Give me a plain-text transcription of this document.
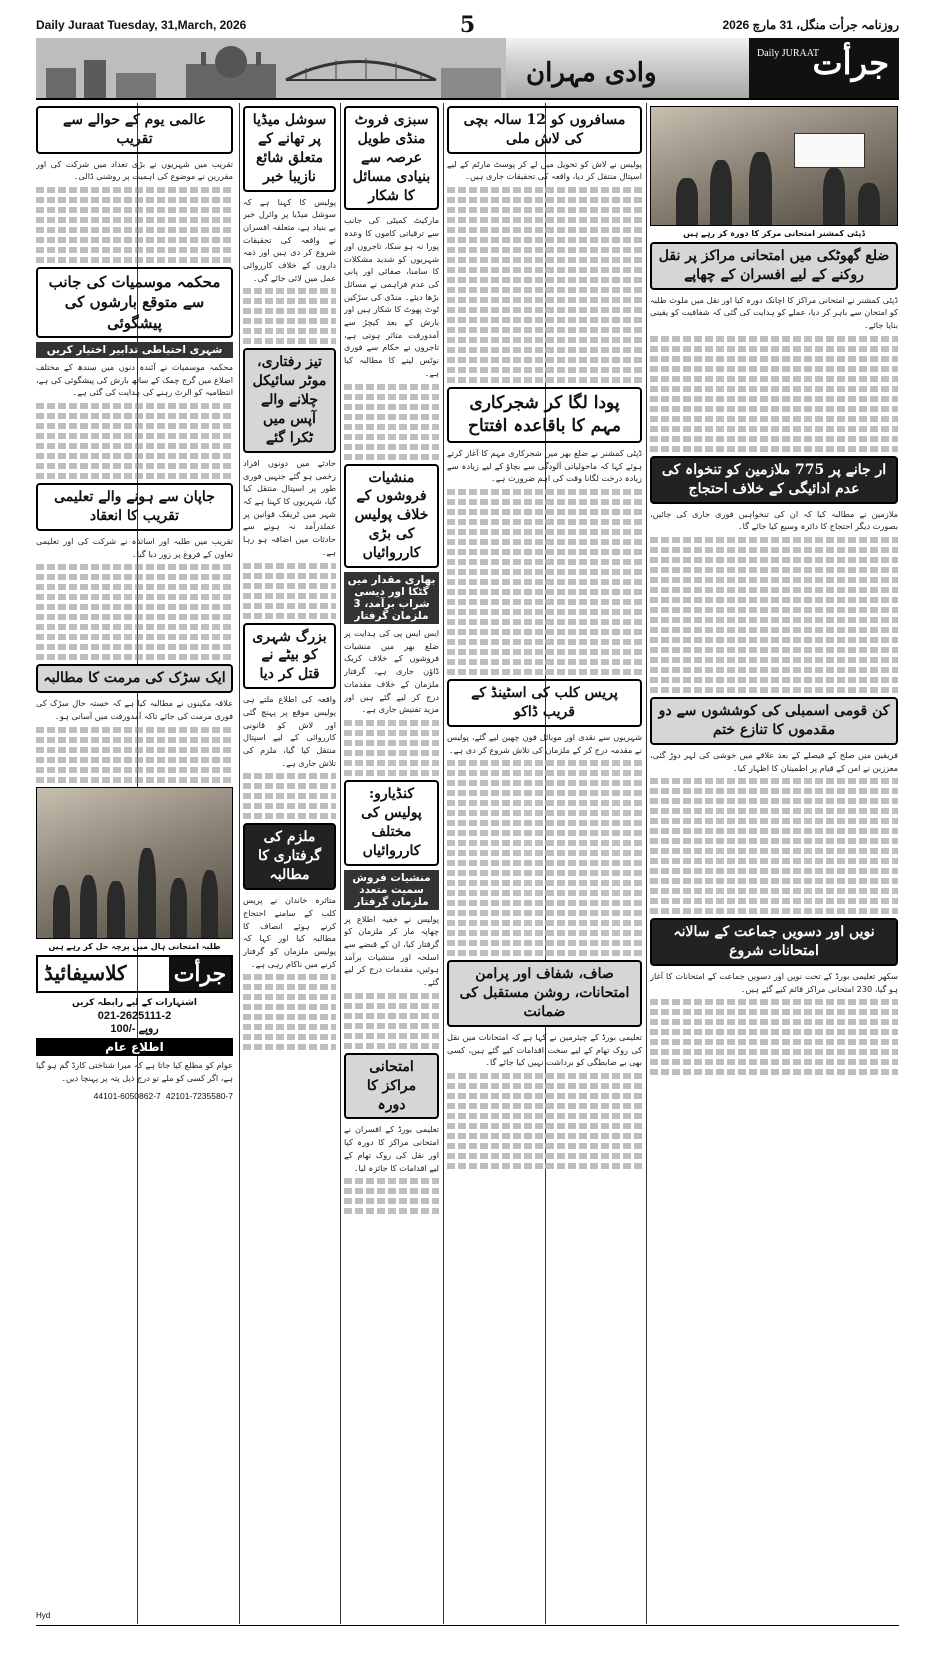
Daily Juraat Tuesday, 31,March, 2026	5	روزنامہ جرأت منگل، 31 مارچ 2026
وادی مہران
Daily JURAAT
جرأت
ڈپٹی کمشنر امتحانی مرکز کا دورہ کر رہے ہیں
ضلع گھوٹکی میں امتحانی مراکز پر نقل روکنے کے لیے افسران کے چھاپے
ڈپٹی کمشنر نے امتحانی مراکز کا اچانک دورہ کیا اور نقل میں ملوث طلبہ کو امتحان سے باہر کر دیا، عملے کو ہدایت کی گئی کہ شفافیت کو یقینی بنایا جائے۔
ار جانے پر 775 ملازمین کو تنخواہ کی عدم ادائیگی کے خلاف احتجاج
ملازمین نے مطالبہ کیا کہ ان کی تنخواہیں فوری جاری کی جائیں، بصورت دیگر احتجاج کا دائرہ وسیع کیا جائے گا۔
کن قومی اسمبلی کی کوششوں سے دو مقدموں کا تنازع ختم
فریقین میں صلح کے فیصلے کے بعد علاقے میں خوشی کی لہر دوڑ گئی، معززین نے امن کے قیام پر اطمینان کا اظہار کیا۔
نویں اور دسویں جماعت کے سالانہ امتحانات شروع
سکھر تعلیمی بورڈ کے تحت نویں اور دسویں جماعت کے امتحانات کا آغاز ہو گیا، 230 امتحانی مراکز قائم کیے گئے ہیں۔
مسافروں کو 12 سالہ بچی کی لاش ملی
پولیس نے لاش کو تحویل میں لے کر پوسٹ مارٹم کے لیے اسپتال منتقل کر دیا، واقعہ کی تحقیقات جاری ہیں۔
پودا لگا کر شجرکاری مہم کا باقاعدہ افتتاح
ڈپٹی کمشنر نے ضلع بھر میں شجرکاری مہم کا آغاز کرتے ہوئے کہا کہ ماحولیاتی آلودگی سے بچاؤ کے لیے زیادہ سے زیادہ درخت لگانا وقت کی اہم ضرورت ہے۔
پریس کلب کی اسٹینڈ کے قریب ڈاکو
شہریوں سے نقدی اور موبائل فون چھین لیے گئے، پولیس نے مقدمہ درج کر کے ملزمان کی تلاش شروع کر دی ہے۔
صاف، شفاف اور پرامن امتحانات، روشن مستقبل کی ضمانت
تعلیمی بورڈ کے چیئرمین نے کہا ہے کہ امتحانات میں نقل کی روک تھام کے لیے سخت اقدامات کیے گئے ہیں، کسی بھی بے ضابطگی کو برداشت نہیں کیا جائے گا۔
سبزی فروٹ منڈی طویل عرصہ سے بنیادی مسائل کا شکار
مارکیٹ کمیٹی کی جانب سے ترقیاتی کاموں کا وعدہ پورا نہ ہو سکا، تاجروں اور شہریوں کو شدید مشکلات کا سامنا، صفائی اور پانی کی عدم فراہمی نے مسائل بڑھا دیئے۔ منڈی کی سڑکیں ٹوٹ پھوٹ کا شکار ہیں اور بارش کے بعد کیچڑ سے آمدورفت متاثر ہوتی ہے، تاجروں نے حکام سے فوری نوٹس لینے کا مطالبہ کیا ہے۔
منشیات فروشوں کے خلاف پولیس کی بڑی کارروائیاں
بھاری مقدار میں گٹکا اور دیسی شراب برآمد، 3 ملزمان گرفتار
ایس ایس پی کی ہدایت پر ضلع بھر میں منشیات فروشوں کے خلاف کریک ڈاؤن جاری ہے، گرفتار ملزمان کے خلاف مقدمات درج کر لیے گئے ہیں اور مزید تفتیش جاری ہے۔
کنڈیارو: پولیس کی مختلف کارروائیاں
منشیات فروش سمیت متعدد ملزمان گرفتار
پولیس نے خفیہ اطلاع پر چھاپہ مار کر ملزمان کو گرفتار کیا، ان کے قبضے سے اسلحہ اور منشیات برآمد ہوئیں، مقدمات درج کر لیے گئے۔
امتحانی مراکز کا دورہ
تعلیمی بورڈ کے افسران نے امتحانی مراکز کا دورہ کیا اور نقل کی روک تھام کے لیے اقدامات کا جائزہ لیا۔
سوشل میڈیا پر تھانے کے متعلق شائع نازیبا خبر
پولیس کا کہنا ہے کہ سوشل میڈیا پر وائرل خبر بے بنیاد ہے، متعلقہ افسران نے واقعہ کی تحقیقات شروع کر دی ہیں اور ذمہ داروں کے خلاف کارروائی عمل میں لائی جائے گی۔
تیز رفتاری، موٹر سائیکل چلانے والے آپس میں ٹکرا گئے
حادثے میں دونوں افراد زخمی ہو گئے جنہیں فوری طور پر اسپتال منتقل کیا گیا، شہریوں کا کہنا ہے کہ شہر میں ٹریفک قوانین پر عملدرآمد نہ ہونے سے حادثات میں اضافہ ہو رہا ہے۔
بزرگ شہری کو بیٹے نے قتل کر دیا
واقعہ کی اطلاع ملتے ہی پولیس موقع پر پہنچ گئی اور لاش کو قانونی کارروائی کے لیے اسپتال منتقل کیا گیا، ملزم کی تلاش جاری ہے۔
ملزم کی گرفتاری کا مطالبہ
متاثرہ خاندان نے پریس کلب کے سامنے احتجاج کرتے ہوئے انصاف کا مطالبہ کیا اور کہا کہ پولیس ملزمان کو گرفتار کرنے میں ناکام رہی ہے۔
عالمی یوم کے حوالے سے تقریب
تقریب میں شہریوں نے بڑی تعداد میں شرکت کی اور مقررین نے موضوع کی اہمیت پر روشنی ڈالی۔
محکمہ موسمیات کی جانب سے متوقع بارشوں کی پیشگوئی
شہری احتیاطی تدابیر اختیار کریں
محکمہ موسمیات نے آئندہ دنوں میں سندھ کے مختلف اضلاع میں گرج چمک کے ساتھ بارش کی پیشگوئی کی ہے، انتظامیہ کو الرٹ رہنے کی ہدایت کی گئی ہے۔
جاپان سے ہونے والے تعلیمی تقریب کا انعقاد
تقریب میں طلبہ اور اساتذہ نے شرکت کی اور تعلیمی تعاون کے فروغ پر زور دیا گیا۔
ایک سڑک کی مرمت کا مطالبہ
علاقہ مکینوں نے مطالبہ کیا ہے کہ خستہ حال سڑک کی فوری مرمت کی جائے تاکہ آمدورفت میں آسانی ہو۔
طلبہ امتحانی ہال میں پرچہ حل کر رہے ہیں
کلاسیفائیڈ جرأت
اشتہارات کے لیے رابطہ کریں
021-2625111-2
100/- روپے
اطلاع عام
عوام کو مطلع کیا جاتا ہے کہ میرا شناختی کارڈ گم ہو گیا ہے، اگر کسی کو ملے تو درج ذیل پتہ پر پہنچا دیں۔
42101-7235580-7 44101-6050862-7
Hyd
